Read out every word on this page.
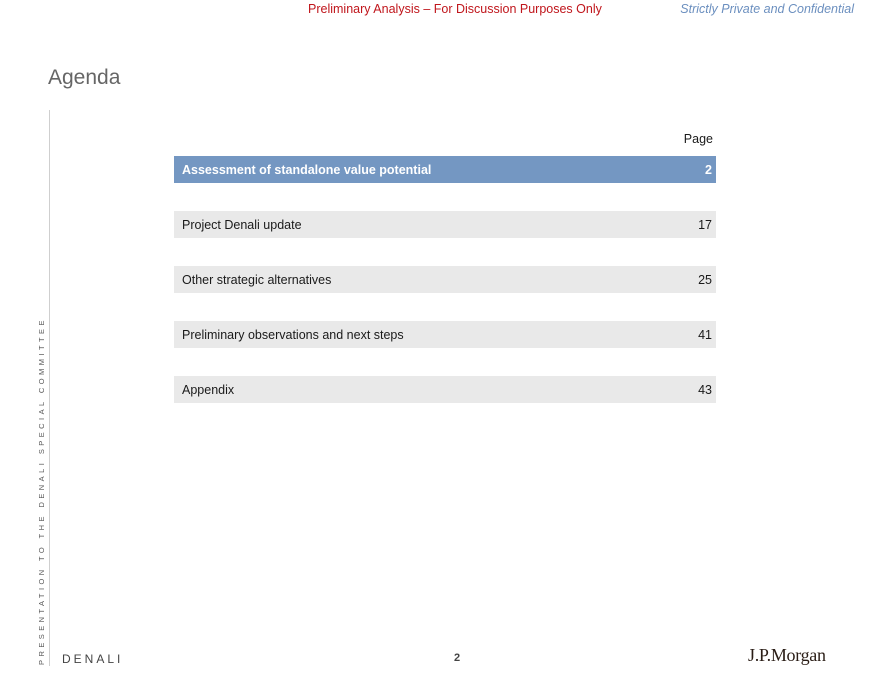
Preliminary Analysis – For Discussion Purposes Only	Strictly Private and Confidential
Agenda
PRESENTATION TO THE DENALI SPECIAL COMMITTEE
Page
Assessment of standalone value potential	2
Project Denali update	17
Other strategic alternatives	25
Preliminary observations and next steps	41
Appendix	43
DENALI	2	J.P.Morgan
